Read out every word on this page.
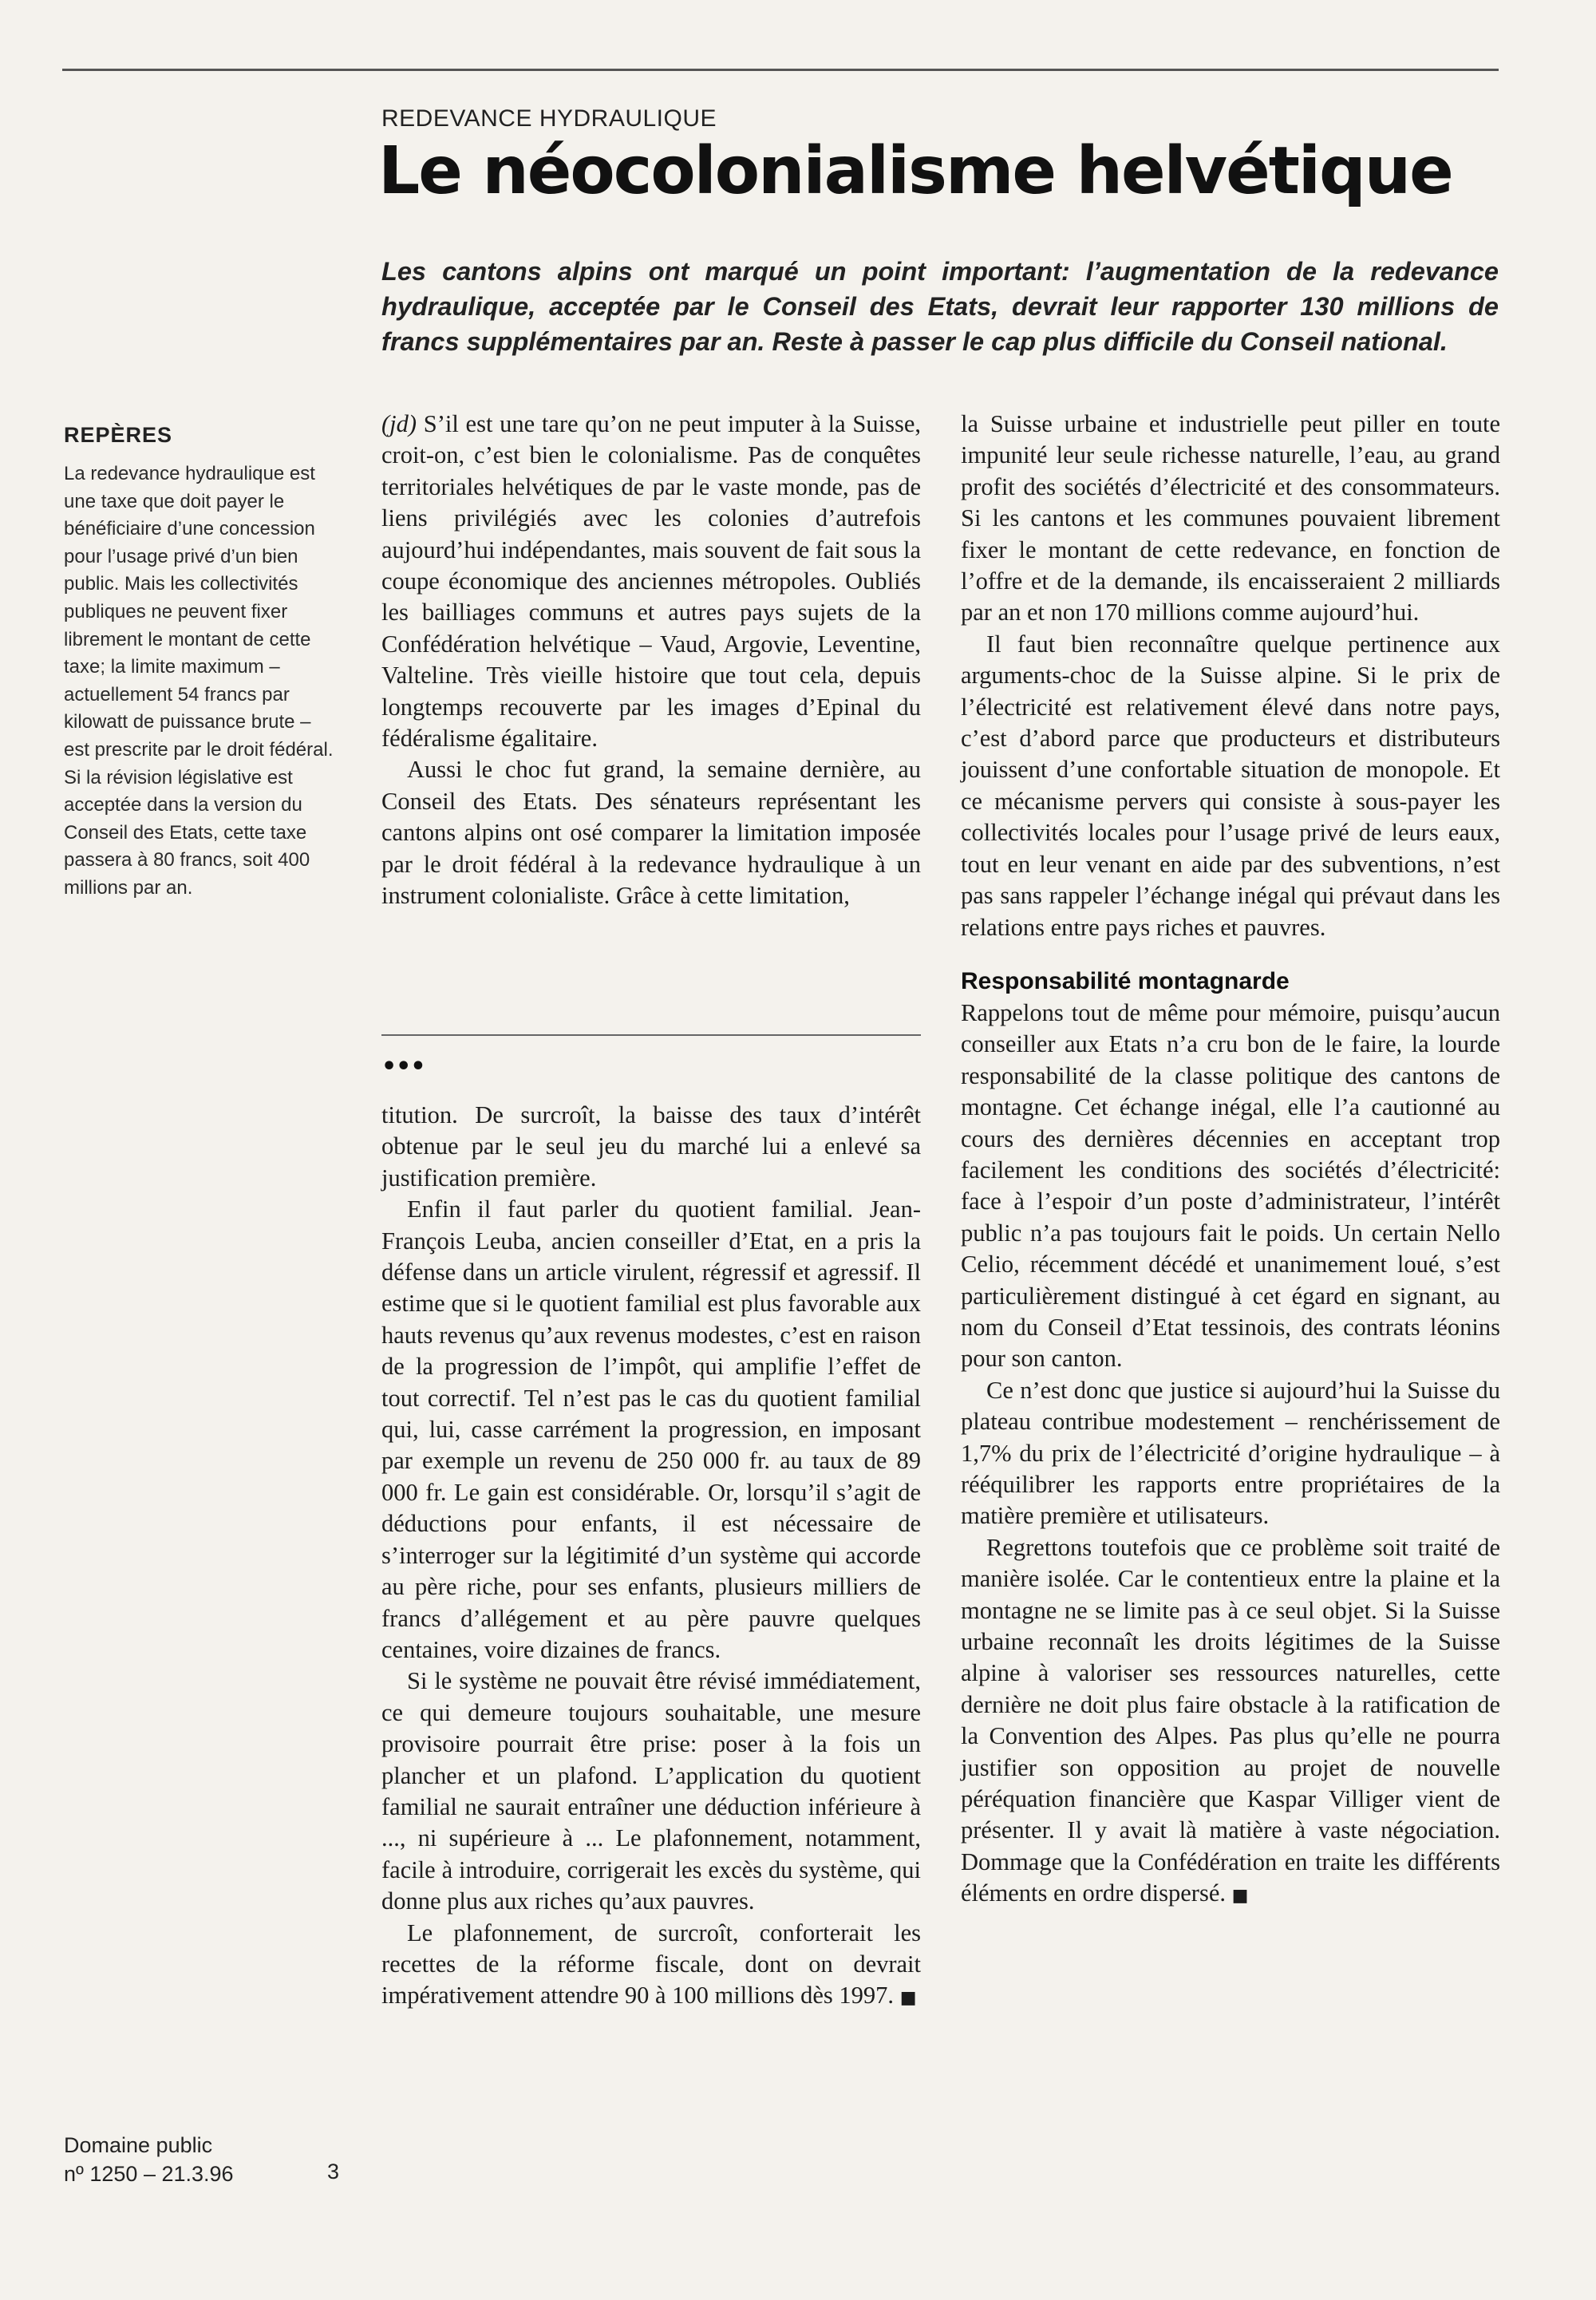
REDEVANCE HYDRAULIQUE
Le néocolonialisme helvétique

Les cantons alpins ont marqué un point important: l’augmentation de la redevance hydraulique, acceptée par le Conseil des Etats, devrait leur rapporter 130 millions de francs supplémentaires par an. Reste à passer le cap plus difficile du Conseil national.

REPÈRES

La redevance hydraulique est une taxe que doit payer le bénéficiaire d’une concession pour l’usage privé d’un bien public. Mais les collectivités publiques ne peuvent fixer librement le montant de cette taxe; la limite maximum – actuellement 54 francs par kilowatt de puissance brute – est prescrite par le droit fédéral. Si la révision législative est acceptée dans la version du Conseil des Etats, cette taxe passera à 80 francs, soit 400 millions par an.

(jd) S’il est une tare qu’on ne peut imputer à la Suisse, croit-on, c’est bien le colonialisme. Pas de conquêtes territoriales helvétiques de par le vaste monde, pas de liens privilégiés avec les colonies d’autrefois aujourd’hui indépendantes, mais souvent de fait sous la coupe économique des anciennes métropoles. Oubliés les bailliages communs et autres pays sujets de la Confédération helvétique – Vaud, Argovie, Leventine, Valteline. Très vieille histoire que tout cela, depuis longtemps recouverte par les images d’Epinal du fédéralisme égalitaire.

Aussi le choc fut grand, la semaine dernière, au Conseil des Etats. Des sénateurs représentant les cantons alpins ont osé comparer la limitation imposée par le droit fédéral à la redevance hydraulique à un instrument colonialiste. Grâce à cette limitation,

•••

titution. De surcroît, la baisse des taux d’intérêt obtenue par le seul jeu du marché lui a enlevé sa justification première.

Enfin il faut parler du quotient familial. Jean-François Leuba, ancien conseiller d’Etat, en a pris la défense dans un article virulent, régressif et agressif. Il estime que si le quotient familial est plus favorable aux hauts revenus qu’aux revenus modestes, c’est en raison de la progression de l’impôt, qui amplifie l’effet de tout correctif. Tel n’est pas le cas du quotient familial qui, lui, casse carrément la progression, en imposant par exemple un revenu de 250 000 fr. au taux de 89 000 fr. Le gain est considérable. Or, lorsqu’il s’agit de déductions pour enfants, il est nécessaire de s’interroger sur la légitimité d’un système qui accorde au père riche, pour ses enfants, plusieurs milliers de francs d’allégement et au père pauvre quelques centaines, voire dizaines de francs.

Si le système ne pouvait être révisé immédiatement, ce qui demeure toujours souhaitable, une mesure provisoire pourrait être prise: poser à la fois un plancher et un plafond. L’application du quotient familial ne saurait entraîner une déduction inférieure à ..., ni supérieure à ... Le plafonnement, notamment, facile à introduire, corrigerait les excès du système, qui donne plus aux riches qu’aux pauvres.

Le plafonnement, de surcroît, conforterait les recettes de la réforme fiscale, dont on devrait impérativement attendre 90 à 100 millions dès 1997. ■

la Suisse urbaine et industrielle peut piller en toute impunité leur seule richesse naturelle, l’eau, au grand profit des sociétés d’électricité et des consommateurs. Si les cantons et les communes pouvaient librement fixer le montant de cette redevance, en fonction de l’offre et de la demande, ils encaisseraient 2 milliards par an et non 170 millions comme aujourd’hui.

Il faut bien reconnaître quelque pertinence aux arguments-choc de la Suisse alpine. Si le prix de l’électricité est relativement élevé dans notre pays, c’est d’abord parce que producteurs et distributeurs jouissent d’une confortable situation de monopole. Et ce mécanisme pervers qui consiste à sous-payer les collectivités locales pour l’usage privé de leurs eaux, tout en leur venant en aide par des subventions, n’est pas sans rappeler l’échange inégal qui prévaut dans les relations entre pays riches et pauvres.

Responsabilité montagnarde

Rappelons tout de même pour mémoire, puisqu’aucun conseiller aux Etats n’a cru bon de le faire, la lourde responsabilité de la classe politique des cantons de montagne. Cet échange inégal, elle l’a cautionné au cours des dernières décennies en acceptant trop facilement les conditions des sociétés d’électricité: face à l’espoir d’un poste d’administrateur, l’intérêt public n’a pas toujours fait le poids. Un certain Nello Celio, récemment décédé et unanimement loué, s’est particulièrement distingué à cet égard en signant, au nom du Conseil d’Etat tessinois, des contrats léonins pour son canton.

Ce n’est donc que justice si aujourd’hui la Suisse du plateau contribue modestement – renchérissement de 1,7% du prix de l’électricité d’origine hydraulique – à rééquilibrer les rapports entre propriétaires de la matière première et utilisateurs.

Regrettons toutefois que ce problème soit traité de manière isolée. Car le contentieux entre la plaine et la montagne ne se limite pas à ce seul objet. Si la Suisse urbaine reconnaît les droits légitimes de la Suisse alpine à valoriser ses ressources naturelles, cette dernière ne doit plus faire obstacle à la ratification de la Convention des Alpes. Pas plus qu’elle ne pourra justifier son opposition au projet de nouvelle péréquation financière que Kaspar Villiger vient de présenter. Il y avait là matière à vaste négociation. Dommage que la Confédération en traite les différents éléments en ordre dispersé. ■

Domaine public
nº 1250 – 21.3.96	3
